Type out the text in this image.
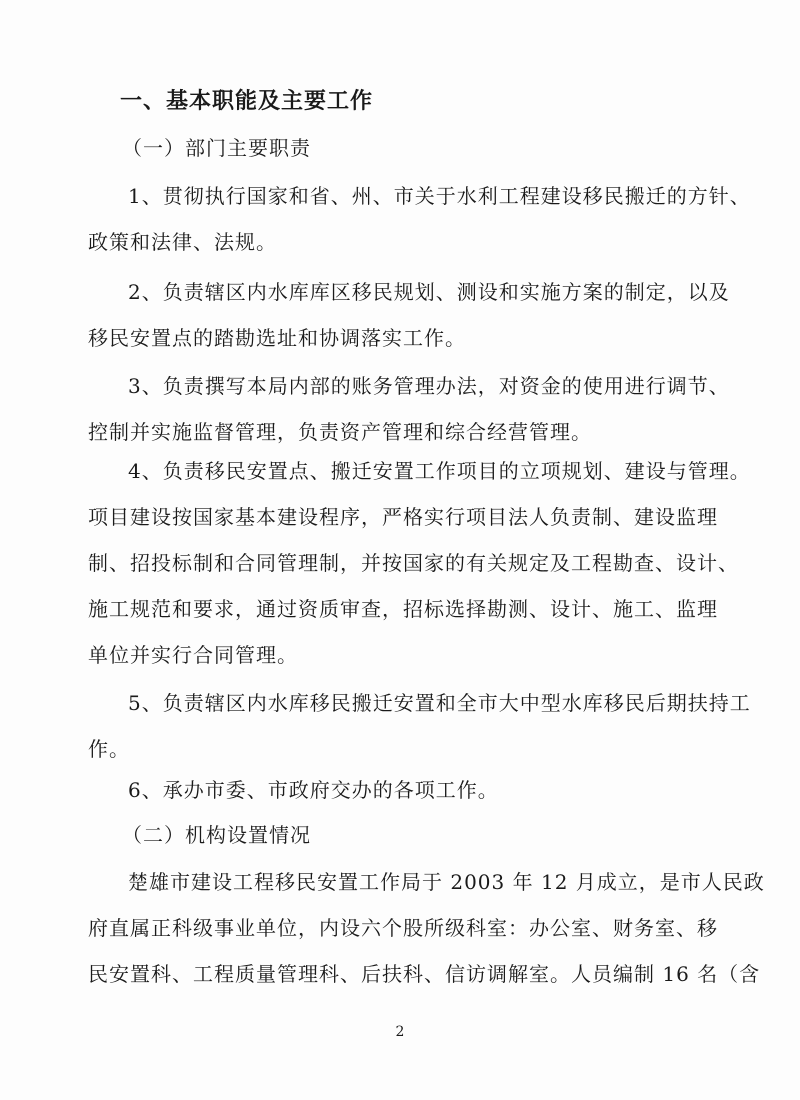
一、基本职能及主要工作
（一）部门主要职责
1、贯彻执行国家和省、州、市关于水利工程建设移民搬迁的方针、
政策和法律、法规。
2、负责辖区内水库库区移民规划、测设和实施方案的制定，以及
移民安置点的踏勘选址和协调落实工作。
3、负责撰写本局内部的账务管理办法，对资金的使用进行调节、
控制并实施监督管理，负责资产管理和综合经营管理。
4、负责移民安置点、搬迁安置工作项目的立项规划、建设与管理。
项目建设按国家基本建设程序，严格实行项目法人负责制、建设监理
制、招投标制和合同管理制，并按国家的有关规定及工程勘查、设计、
施工规范和要求，通过资质审查，招标选择勘测、设计、施工、监理
单位并实行合同管理。
5、负责辖区内水库移民搬迁安置和全市大中型水库移民后期扶持工
作。
6、承办市委、市政府交办的各项工作。
（二）机构设置情况
楚雄市建设工程移民安置工作局于 2003 年 12 月成立，是市人民政
府直属正科级事业单位，内设六个股所级科室：办公室、财务室、移
民安置科、工程质量管理科、后扶科、信访调解室。人员编制 16 名（含
2
